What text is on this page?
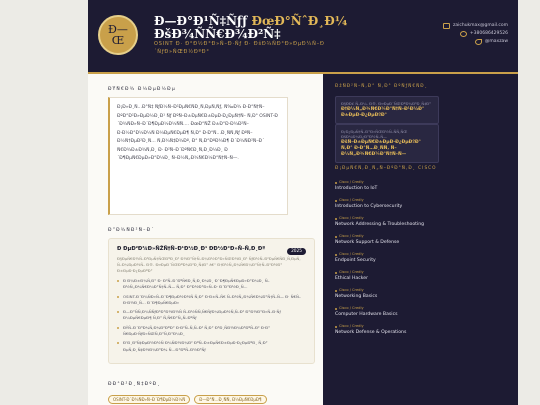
Ð—
Œ
Ð—Ð°Ð¹Ñ‡Ñƒƒ ÐœÐ°ÑˆÐ¸Ð¼
ÐšÐ¾ÑÑ€Ð¾Ð²Ñ‡
OSINT Ð· Ð°Ð½Ð°Ð»Ñ–Ð·Ñƒ Ð· ÐšÐ¾ÑÐ°Ð»ÐµÐ¼Ñ–Ð´ÑƒÐ»ÑŒÐ½ÐºÐ°
zaichukmax@gmail.com
+380686429526
@maxzaw
ÐŸÑ€Ð¾ Ð¼ÐµÐ½Ðµ
Ð¡Ð»Ð¸Ñ…Ð°Ñ‡ ÑƒÐ½Ñ–Ð²ÐµÑ€ÑÐ¸Ñ‚ÐµÑ‚Ñƒ, Ñ‰Ð¾ Ð·Ð°Ñ†Ñ–ÐºÐ°Ð²Ð»ÐµÐ½Ð¸Ð¹ Ñƒ ÐºÑ–Ð±ÐµÑ€Ð±ÐµÐ·Ð¿ÐµÑ†Ñ– Ñ‚Ð° OSINT-Ð´Ð¾ÑÐ»Ñ–Ð´Ð¶ÐµÐ½Ð½ÑÑ…. ÐœÐ°ÑŽ Ð±Ð°Ð·Ð¾Ð²Ñ– Ð·Ð½Ð°Ð½Ð½Ñ Ð¼ÐµÑ€ÐµÐ¶ Ñ‚Ð° Ð·Ð°Ñ…Ð¸ÑÑ‚Ñƒ ÐºÑ–Ð½Ñ†ÐµÐ²Ð¸Ñ… Ñ‚Ð¾Ñ‡Ð¾Ðº, Ð° Ñ‚Ð°ÐºÐ¾Ð¶ Ð´Ð¾ÑÐ²Ñ–Ð´ Ñ€Ð¾Ð±Ð¾Ñ‚Ð¸ Ð· Ð²Ñ–Ð´ÐºÑ€Ð¸Ñ‚Ð¸Ð¼Ð¸ Ð´Ð¶ÐµÑ€ÐµÐ»Ð°Ð¼Ð¸ Ñ–Ð½Ñ„Ð¾Ñ€Ð¼Ð°Ñ†Ñ–Ñ—.
Ð”Ð¾ÑÐ²Ñ–Ð´
Ð ÐµÐ²Ð¾Ð»ÑŽÑ†Ñ–Ð¹Ð½Ð¸Ð¹ ÐÐ½Ð°Ð»Ñ–Ñ‚Ð¸Ðº	2025
Ð§ÐµÑ€Ð½Ñ–Ð²ÐµÑ†ÑŒÐºÐ¸Ð¹ Ð½Ð°Ñ†Ñ–Ð¾Ð½Ð°Ð»ÑŒÐ½Ð¸Ð¹ ÑƒÐ½Ñ–Ð²ÐµÑ€ÑÐ¸Ñ‚ÐµÑ‚ Ñ–Ð¼ÐµÐ½Ñ– Ð®. Ð¤ÐµÐ´ÑŒÐºÐ¾Ð²Ð¸Ñ‡Ð° â€“ Ð†Ð½Ñ„Ð¾Ñ€Ð¼Ð°Ñ†Ñ–Ð¹Ð½Ð° Ð±ÐµÐ·Ð¿ÐµÐºÐ°
Ð Ð¾Ð±Ð¾Ñ‚Ð° Ð· Ð²Ñ–Ð´ÐºÑ€Ð¸Ñ‚Ð¸Ð¼Ð¸ Ð´Ð¶ÐµÑ€ÐµÐ»Ð°Ð¼Ð¸ Ñ–Ð½Ñ„Ð¾Ñ€Ð¼Ð°Ñ†Ñ–Ñ— Ñ‚Ð° Ð°Ð½Ð°Ð»Ñ–Ð· Ð´Ð°Ð½Ð¸Ñ…
OSINT-Ð´Ð¾ÑÐ»Ñ–Ð´Ð¶ÐµÐ½Ð½Ñ Ñ‚Ð° Ð·Ð±Ñ–Ñ€ Ñ–Ð½Ñ„Ð¾Ñ€Ð¼Ð°Ñ†Ñ–Ñ— Ð· Ñ€Ñ–Ð·Ð½Ð¸Ñ… Ð´Ð¶ÐµÑ€ÐµÐ»
Ð—Ð°ÑÑ‚Ð¾ÑÑƒÐ²Ð°Ð½Ð½Ñ Ñ–Ð½ÑÑ‚Ñ€ÑƒÐ¼ÐµÐ½Ñ‚Ñ–Ð² Ð°Ð½Ð°Ð»Ñ–Ð·Ñƒ Ð¼ÐµÑ€ÐµÐ¶ Ñ‚Ð° Ñ‚Ñ€Ð°Ñ„Ñ–ÐºÑƒ
ÐŸÑ–Ð´Ð³Ð¾Ñ‚Ð¾Ð²ÐºÐ° Ð·Ð²Ñ–Ñ‚Ñ–Ð² Ñ‚Ð° Ð²Ð¸ÑÐ½Ð¾Ð²ÐºÑ–Ð² Ð·Ð° Ñ€ÐµÐ·ÑƒÐ»ÑŒÑ‚Ð°Ñ‚Ð°Ð¼Ð¸
Ð’Ð¸Ð²Ñ‡ÐµÐ½Ð½Ñ Ð¾ÑÐ½Ð¾Ð² ÐºÑ–Ð±ÐµÑ€Ð±ÐµÐ·Ð¿ÐµÐºÐ¸ Ñ‚Ð° ÐµÑ‚Ð¸Ñ‡Ð½Ð¾Ð³Ð¾ Ñ…Ð°ÐºÑ–Ð½Ð³Ñƒ
ÐÐ°Ð²Ð¸Ñ‡ÐºÐ¸
OSINT-Ð´Ð¾ÑÐ»Ñ–Ð´Ð¶ÐµÐ½Ð½Ñ	Ð—Ð°Ñ…Ð¸ÑÑ‚ Ð¼ÐµÑ€ÐµÐ¶
ÐžÑÐ²Ñ–Ñ‚Ð° Ñ‚Ð° ÐºÑƒÑ€ÑÐ¸
Ð§ÐÐ£ Ñ–Ð¼. Ð®. Ð¤ÐµÐ´ÑŒÐºÐ¾Ð²Ð¸Ñ‡Ð°
Ð†Ð½Ñ„Ð¾Ñ€Ð¼Ð°Ñ†Ñ–Ð¹Ð½Ð° Ð±ÐµÐ·Ð¿ÐµÐºÐ°
Ð¡Ð¿ÐµÑ†Ñ–Ð°Ð»ÑŒÐ½Ñ–ÑÑ‚ÑŒ ÐšÐ¾Ð¼Ð¿Ð°Ð½Ñ–Ñ—
ÐšÑ–Ð±ÐµÑ€Ð±ÐµÐ·Ð¿ÐµÐºÐ° Ñ‚Ð° Ð·Ð°Ñ…Ð¸ÑÑ‚ Ñ–Ð½Ñ„Ð¾Ñ€Ð¼Ð°Ñ†Ñ–Ñ—
Ð¡ÐµÑ€Ñ‚Ð¸Ñ„Ñ–ÐºÐ°Ñ‚Ð¸ CISCO
Cisco / Credly
Introduction to IoT
Cisco / Credly
Introduction to Cybersecurity
Cisco / Credly
Network Addressing & Troubleshooting
Cisco / Credly
Network Support & Defense
Cisco / Credly
Endpoint Security
Cisco / Credly
Ethical Hacker
Cisco / Credly
Networking Basics
Cisco / Credly
Computer Hardware Basics
Cisco / Credly
Network Defense & Operations
